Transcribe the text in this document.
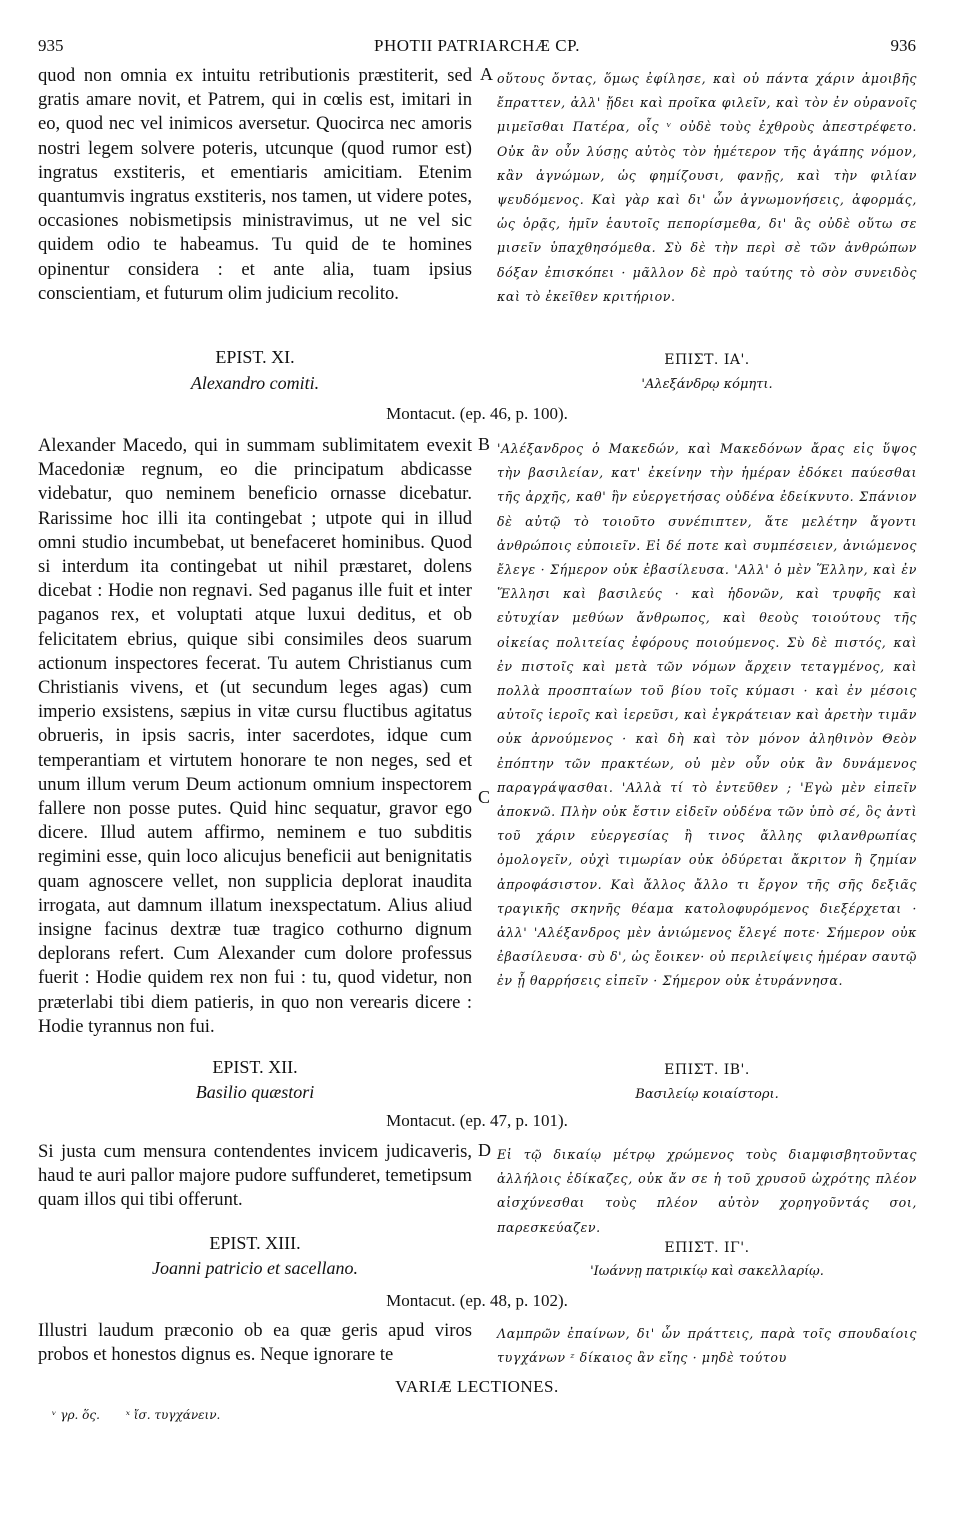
PHOTII PATRIARCHÆ CP.
935	936

quod non omnia ex intuitu retributionis præstiterit, sed gratis amare novit, et Patrem, qui in cœlis est, imitari in eo, quod nec vel inimicos aversetur. Quocirca nec amoris nostri legem solvere poteris, utcunque (quod rumor est) ingratus exstiteris, et ementiaris amicitiam. Etenim quantumvis ingratus exstiteris, nos tamen, ut videre potes, occasiones nobismetipsis ministravimus, ut ne vel sic quidem odio te habeamus. Tu quid de te homines opinentur considera : et ante alia, tuam ipsius conscientiam, et futurum olim judicium recolito.

A οὕτους ὄντας, ὅμως ἐφίλησε, καὶ οὐ πάντα χάριν ἀμοιβῆς ἔπραττεν, ἀλλ' ᾔδει καὶ προῖκα φιλεῖν, καὶ τὸν ἐν οὐρανοῖς μιμεῖσθαι Πατέρα, οἷς ᵛ οὐδὲ τοὺς ἐχθροὺς ἀπεστρέφετο. Οὐκ ἂν οὖν λύσῃς αὐτὸς τὸν ἡμέτερον τῆς ἀγάπης νόμον, κἂν ἀγνώμων, ὡς φημίζουσι, φανῇς, καὶ τὴν φιλίαν ψευδόμενος. Καὶ γὰρ καὶ δι' ὧν ἀγνωμονήσεις, ἀφορμάς, ὡς ὁρᾷς, ἡμῖν ἑαυτοῖς πεπορίσμεθα, δι' ἃς οὐδὲ οὕτω σε μισεῖν ὑπαχθησόμεθα. Σὺ δὲ τὴν περὶ σὲ τῶν ἀνθρώπων δόξαν ἐπισκόπει · μᾶλλον δὲ πρὸ ταύτης τὸ σὸν συνειδὸς καὶ τὸ ἐκεῖθεν κριτήριον.

EPIST. XI.
Alexandro comiti.
ΕΠΙΣΤ. ΙΑ'.
'Αλεξάνδρῳ κόμητι.
Montacut. (ep. 46, p. 100).

Alexander Macedo, qui in summam sublimitatem evexit Macedoniæ regnum, eo die principatum abdicasse videbatur, quo neminem beneficio ornasse dicebatur. Rarissime hoc illi ita contingebat ; utpote qui in illud omni studio incumbebat, ut benefaceret hominibus. Quod si interdum ita contingebat ut nihil præstaret, dolens dicebat : Hodie non regnavi. Sed paganus ille fuit et inter paganos rex, et voluptati atque luxui deditus, et ob felicitatem ebrius, quique sibi consimiles deos suarum actionum inspectores fecerat. Tu autem Christianus cum Christianis vivens, et (ut secundum leges agas) cum imperio exsistens, sæpius in vitæ cursu fluctibus agitatus obrueris, in ipsis sacris, inter sacerdotes, idque cum temperantiam et virtutem honorare te non neges, sed et unum illum verum Deum actionum omnium inspectorem fallere non posse putes. Quid hinc sequatur, gravor ego dicere. Illud autem affirmo, neminem e tuo subditis regimini esse, quin loco alicujus beneficii aut benignitatis quam agnoscere vellet, non supplicia deplorat inaudita irrogata, aut damnum illatum inexspectatum. Alius aliud insigne facinus dextræ tuæ tragico cothurno dignum deplorans refert. Cum Alexander cum dolore professus fuerit : Hodie quidem rex non fui : tu, quod videtur, non præterlabi tibi diem patieris, in quo non verearis dicere : Hodie tyrannus non fui.

B
C

'Αλέξανδρος ὁ Μακεδών, καὶ Μακεδόνων ἄρας εἰς ὕψος τὴν βασιλείαν, κατ' ἐκείνην τὴν ἡμέραν ἐδόκει παύεσθαι τῆς ἀρχῆς, καθ' ἣν εὐεργετήσας οὐδένα ἐδείκνυτο. Σπάνιον δὲ αὐτῷ τὸ τοιοῦτο συνέπιπτεν, ἅτε μελέτην ἄγοντι ἀνθρώποις εὐποιεῖν. Εἰ δέ ποτε καὶ συμπέσειεν, ἀνιώμενος ἔλεγε · Σήμερον οὐκ ἐβασίλευσα. 'Αλλ' ὁ μὲν Ἕλλην, καὶ ἐν Ἕλλησι καὶ βασιλεύς · καὶ ἡδονῶν, καὶ τρυφῆς καὶ εὐτυχίαν μεθύων ἄνθρωπος, καὶ θεοὺς τοιούτους τῆς οἰκείας πολιτείας ἐφόρους ποιούμενος. Σὺ δὲ πιστός, καὶ ἐν πιστοῖς καὶ μετὰ τῶν νόμων ἄρχειν τεταγμένος, καὶ πολλὰ προσπταίων τοῦ βίου τοῖς κύμασι · καὶ ἐν μέσοις αὐτοῖς ἱεροῖς καὶ ἱερεῦσι, καὶ ἐγκράτειαν καὶ ἀρετὴν τιμᾶν οὐκ ἀρνούμενος · καὶ δὴ καὶ τὸν μόνον ἀληθινὸν Θεὸν ἐπόπτην τῶν πρακτέων, οὐ μὲν οὖν οὐκ ἂν δυνάμενος παραγράψασθαι. 'Αλλὰ τί τὸ ἐντεῦθεν ; 'Εγὼ μὲν εἰπεῖν ἀποκνῶ. Πλὴν οὐκ ἔστιν εἰδεῖν οὐδένα τῶν ὑπὸ σέ, ὃς ἀντὶ τοῦ χάριν εὐεργεσίας ἢ τινος ἄλλης φιλανθρωπίας ὁμολογεῖν, οὐχὶ τιμωρίαν οὐκ ὀδύρεται ἄκριτον ἢ ζημίαν ἀπροφάσιστον. Καὶ ἄλλος ἄλλο τι ἔργον τῆς σῆς δεξιᾶς τραγικῆς σκηνῆς θέαμα κατολοφυρόμενος διεξέρχεται · ἀλλ' 'Αλέξανδρος μὲν ἀνιώμενος ἔλεγέ ποτε· Σήμερον οὐκ ἐβασίλευσα· σὺ δ', ὡς ἔοικεν· οὐ περιλείψεις ἡμέραν σαυτῷ ἐν ᾗ θαρρήσεις εἰπεῖν · Σήμερον οὐκ ἐτυράννησα.

EPIST. XII.
Basilio quæstori
ΕΠΙΣΤ. ΙΒ'.
Βασιλείῳ κοιαίστορι.
Montacut. (ep. 47, p. 101).

Si justa cum mensura contendentes invicem judicaveris, haud te auri pallor majore pudore suffunderet, temetipsum quam illos qui tibi offerunt.

D Εἰ τῷ δικαίῳ μέτρῳ χρώμενος τοὺς διαμφισβητοῦντας ἀλλήλοις ἐδίκαζες, οὐκ ἄν σε ἡ τοῦ χρυσοῦ ὠχρότης πλέον αἰσχύνεσθαι τοὺς πλέον αὐτὸν χορηγοῦντάς σοι, παρεσκεύαζεν.

EPIST. XIII.
Joanni patricio et sacellano.
ΕΠΙΣΤ. ΙΓ'.
'Ιωάννῃ πατρικίῳ καὶ σακελλαρίῳ.
Montacut. (ep. 48, p. 102).

Illustri laudum præconio ob ea quæ geris apud viros probos et honestos dignus es. Neque ignorare te

Λαμπρῶν ἐπαίνων, δι' ὧν πράττεις, παρὰ τοῖς σπουδαίοις τυγχάνων ᶻ δίκαιος ἂν εἴης · μηδὲ τούτου

VARIÆ LECTIONES.
ᵛ γρ. ὅς. ˣ ἴσ. τυγχάνειν.
